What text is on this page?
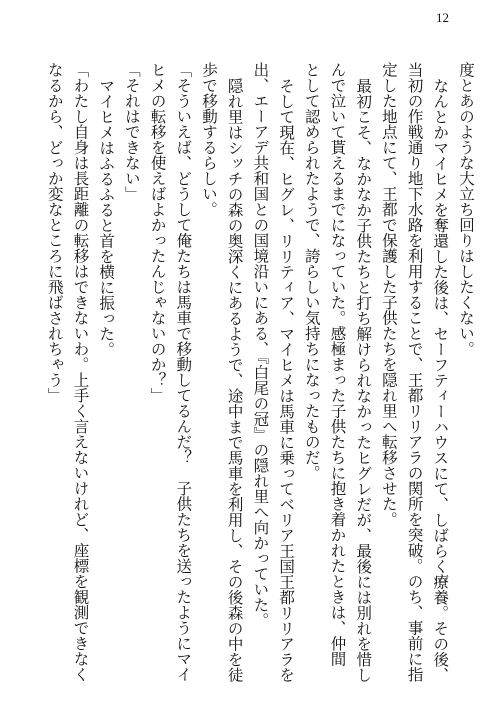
12

度とあのような大立ち回りはしたくない。

なんとかマイヒメを奪還した後は、セーフティーハウスにて、しばらく療養。その後、

当初の作戦通り地下水路を利用することで、王都リリアラの関所を突破。のち、事前に指

定した地点にて、王都で保護した子供たちを隠れ里へ転移させた。

最初こそ、なかなか子供たちと打ち解けられなかったヒグレだが、最後には別れを惜し

んで泣いて貰えるまでになっていた。感極まった子供たちに抱き着かれたときは、仲間

として認められたようで、誇らしい気持ちになったものだ。

そして現在、ヒグレ、リリティア、マイヒメは馬車に乗ってベリア王国王都リリアラを

出、エーアデ共和国との国境沿いにある、『白尾の冠』の隠れ里へ向かっていた。

隠れ里はシッチの森の奥深くにあるようで、途中まで馬車を利用し、その後森の中を徒

歩で移動するらしい。

「そういえば、どうして俺たちは馬車で移動してるんだ？　子供たちを送ったようにマイ

ヒメの転移を使えばよかったんじゃないのか？」

「それはできない」

マイヒメはふるふると首を横に振った。

「わたし自身は長距離の転移はできないわ。上手く言えないけれど、座標を観測できなく

なるから、どっか変なところに飛ばされちゃう」
